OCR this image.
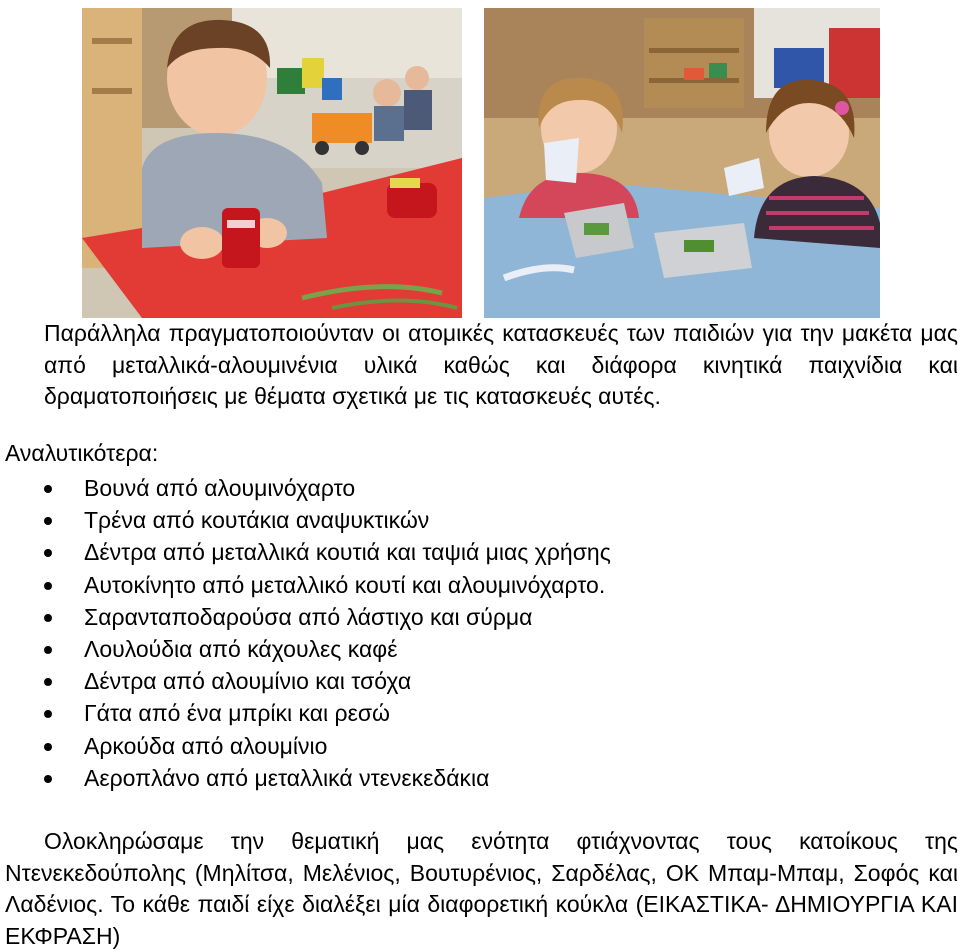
Παράλληλα πραγματοποιούνταν οι ατομικές κατασκευές των παιδιών για την μακέτα μας από μεταλλικά-αλουμινένια υλικά καθώς και διάφορα κινητικά παιχνίδια και δραματοποιήσεις με θέματα σχετικά με τις κατασκευές αυτές.

Αναλυτικότερα:

Βουνά από αλουμινόχαρτο
Τρένα από κουτάκια αναψυκτικών
Δέντρα από μεταλλικά κουτιά και ταψιά μιας χρήσης
Αυτοκίνητο από μεταλλικό κουτί και αλουμινόχαρτο.
Σαρανταποδαρούσα από λάστιχο και σύρμα
Λουλούδια από κάχουλες καφέ
Δέντρα από αλουμίνιο και τσόχα
Γάτα από ένα μπρίκι και ρεσώ
Αρκούδα από αλουμίνιο
Αεροπλάνο από μεταλλικά ντενεκεδάκια

Ολοκληρώσαμε την θεματική μας ενότητα φτιάχνοντας τους κατοίκους της Ντενεκεδούπολης (Μηλίτσα, Μελένιος, Βουτυρένιος, Σαρδέλας, ΟΚ Μπαμ-Μπαμ, Σοφός και Λαδένιος. Το κάθε παιδί είχε διαλέξει μία διαφορετική κούκλα (ΕΙΚΑΣΤΙΚΑ- ΔΗΜΙΟΥΡΓΙΑ ΚΑΙ ΕΚΦΡΑΣΗ)
